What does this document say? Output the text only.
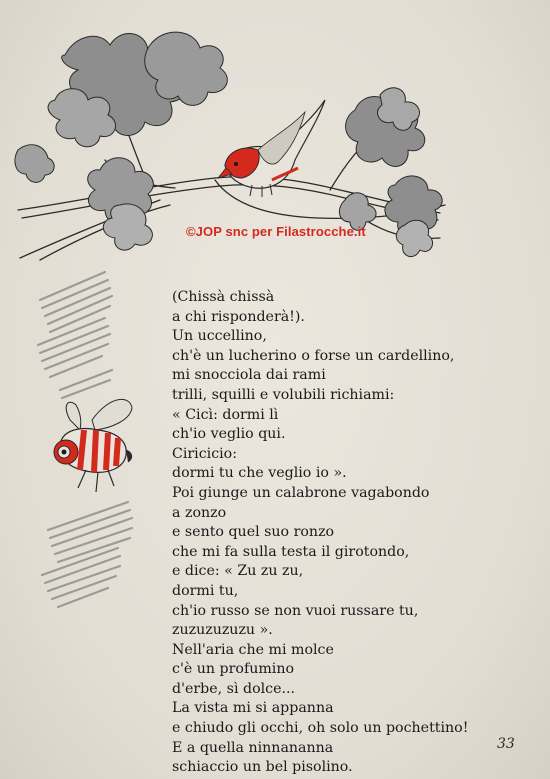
©JOP snc per Filastrocche.it
(Chissà chissà
a chi risponderà!).
Un uccellino,
ch'è un lucherino o forse un cardellino,
mi snocciola dai rami
trilli, squilli e volubili richiami:
« Cicì: dormi lì
ch'io veglio qui.
Ciricicio:
dormi tu che veglio io ».
Poi giunge un calabrone vagabondo
a zonzo
e sento quel suo ronzo
che mi fa sulla testa il girotondo,
e dice: « Zu zu zu,
dormi tu,
ch'io russo se non vuoi russare tu,
zuzuzuzuzu ».
Nell'aria che mi molce
c'è un profumino
d'erbe, sì dolce...
La vista mi si appanna
e chiudo gli occhi, oh solo un pochettino!
E a quella ninnananna
schiaccio un bel pisolino.
33
